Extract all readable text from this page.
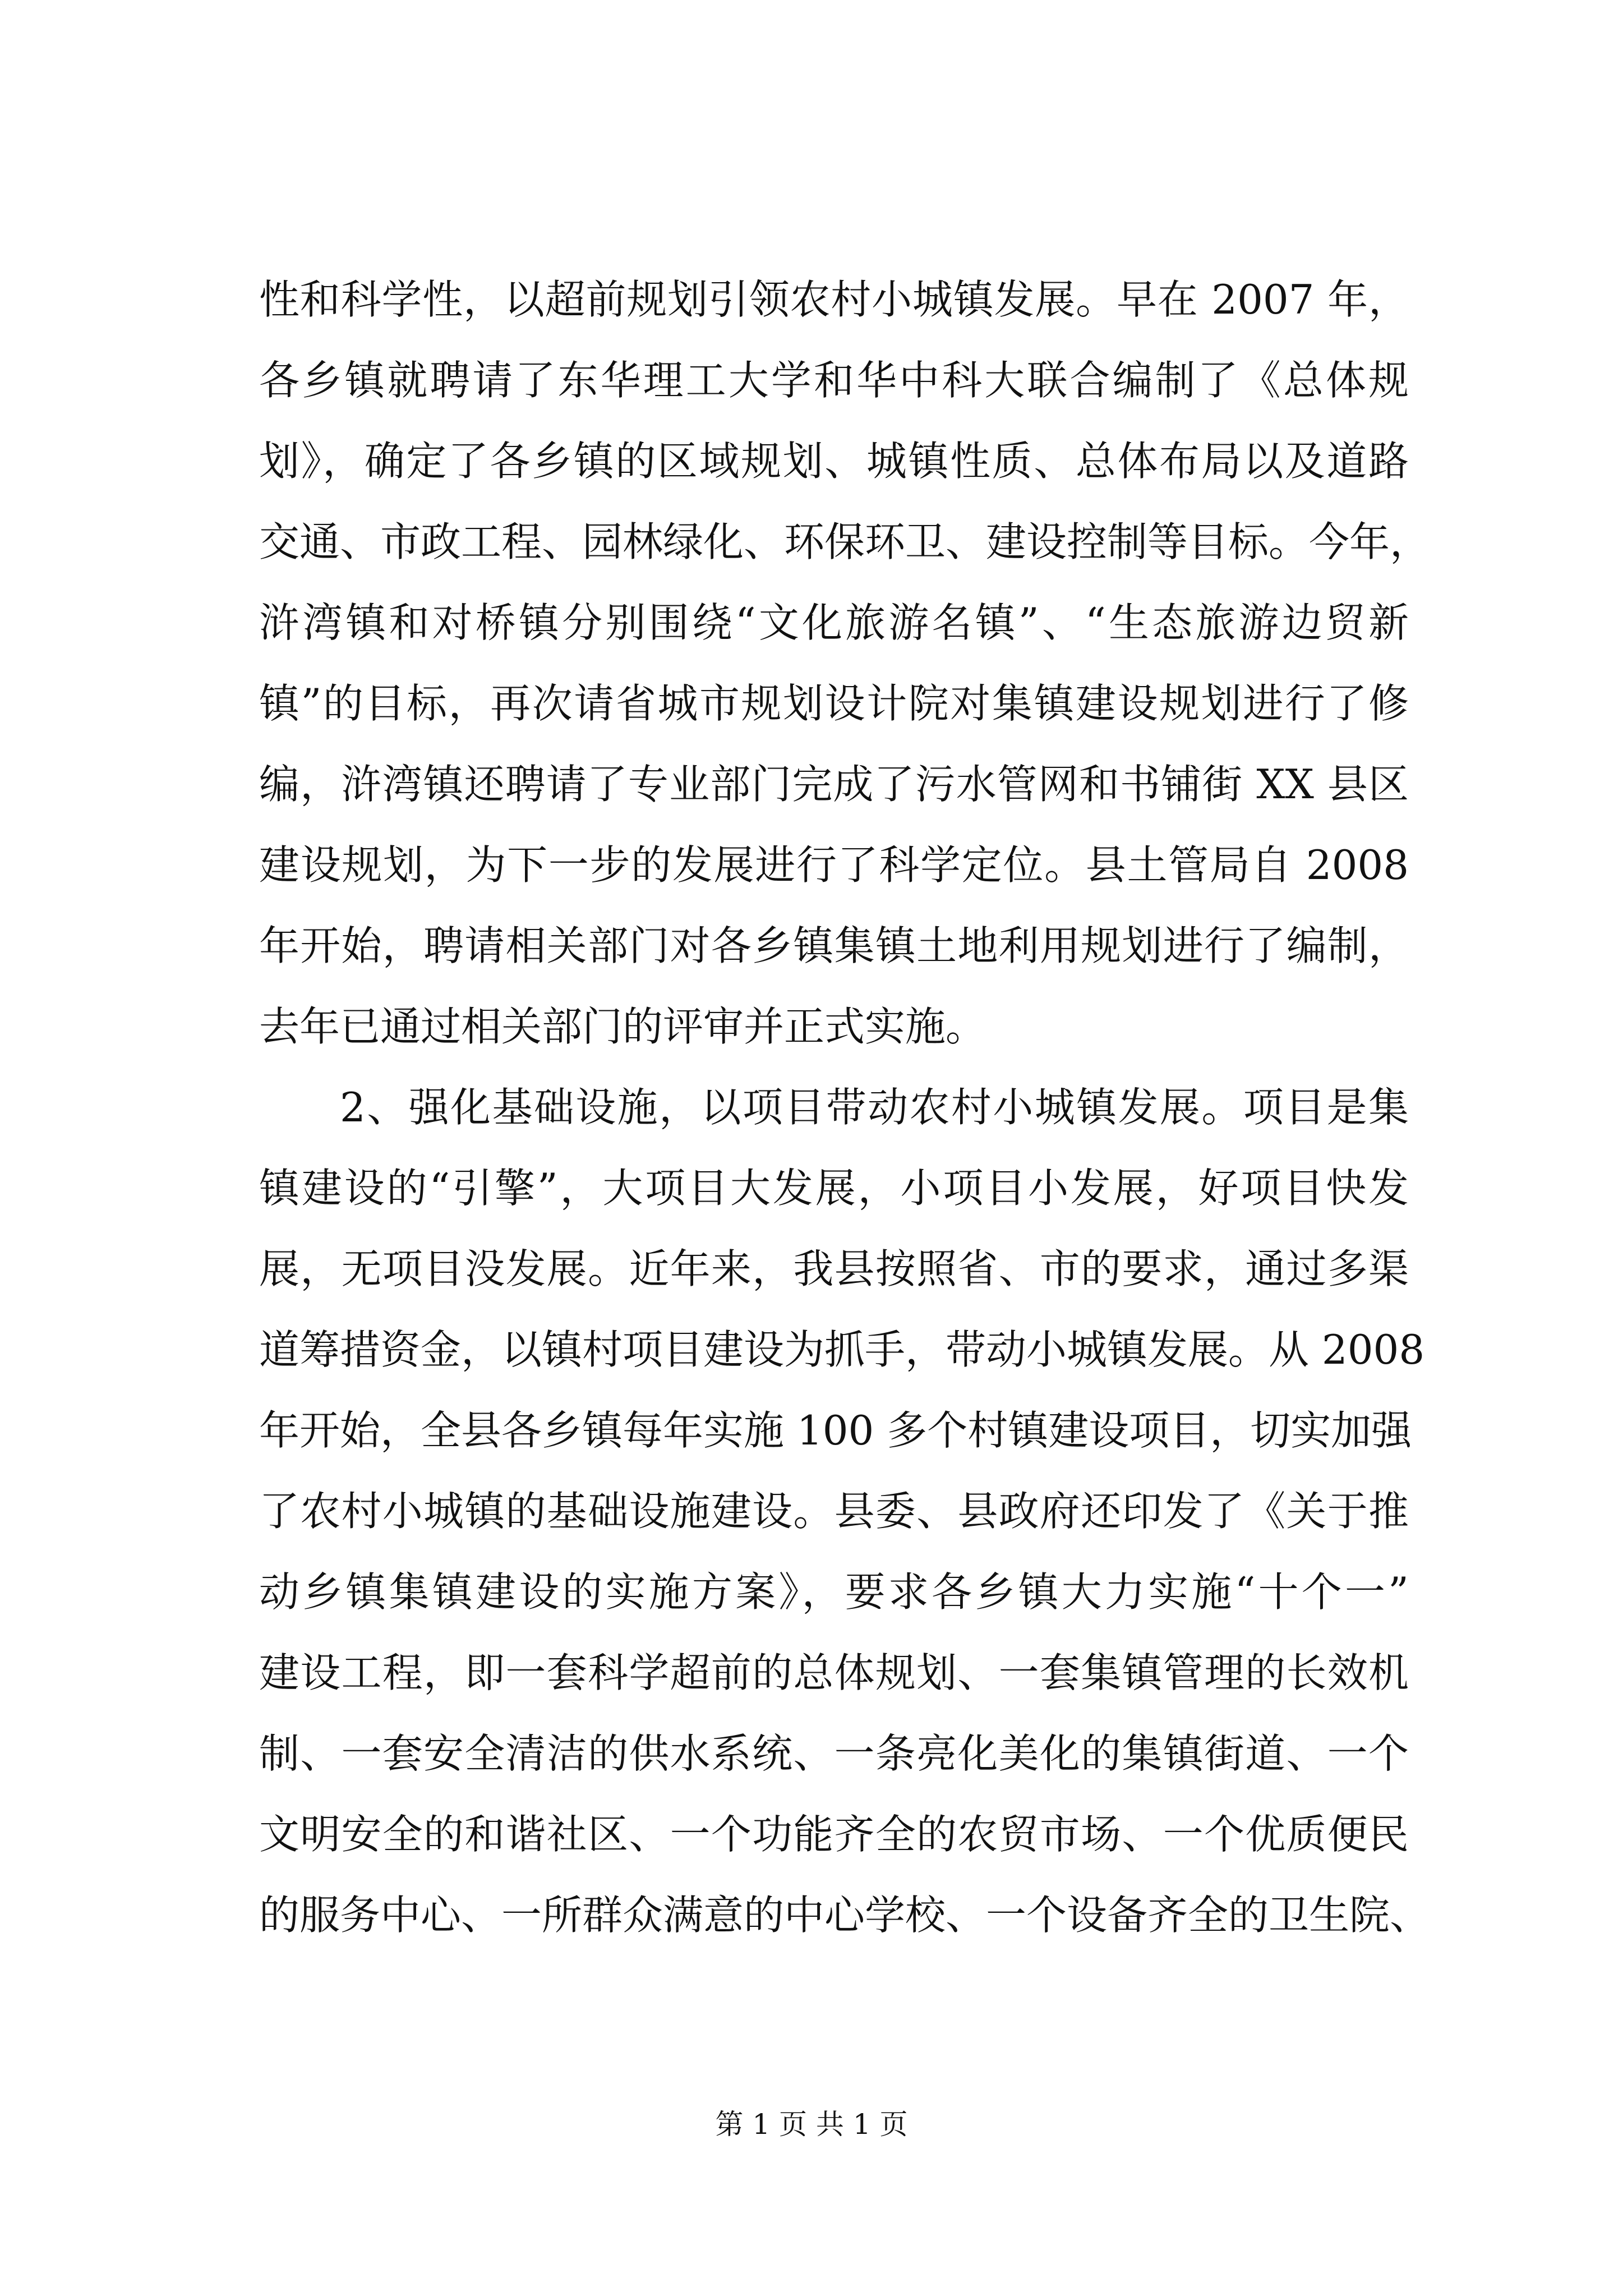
性和科学性，以超前规划引领农村小城镇发展。早在 2007 年，
各乡镇就聘请了东华理工大学和华中科大联合编制了《总体规
划》，确定了各乡镇的区域规划、城镇性质、总体布局以及道路
交通、市政工程、园林绿化、环保环卫、建设控制等目标。今年，
浒湾镇和对桥镇分别围绕“文化旅游名镇”、“生态旅游边贸新
镇”的目标，再次请省城市规划设计院对集镇建设规划进行了修
编，浒湾镇还聘请了专业部门完成了污水管网和书铺街 XX 县区
建设规划，为下一步的发展进行了科学定位。县土管局自 2008
年开始，聘请相关部门对各乡镇集镇土地利用规划进行了编制，
去年已通过相关部门的评审并正式实施。
2、强化基础设施，以项目带动农村小城镇发展。项目是集
镇建设的“引擎”，大项目大发展，小项目小发展，好项目快发
展，无项目没发展。近年来，我县按照省、市的要求，通过多渠
道筹措资金，以镇村项目建设为抓手，带动小城镇发展。从 2008
年开始，全县各乡镇每年实施 100 多个村镇建设项目，切实加强
了农村小城镇的基础设施建设。县委、县政府还印发了《关于推
动乡镇集镇建设的实施方案》，要求各乡镇大力实施“十个一”
建设工程，即一套科学超前的总体规划、一套集镇管理的长效机
制、一套安全清洁的供水系统、一条亮化美化的集镇街道、一个
文明安全的和谐社区、一个功能齐全的农贸市场、一个优质便民
的服务中心、一所群众满意的中心学校、一个设备齐全的卫生院、
第 1 页 共 1 页
